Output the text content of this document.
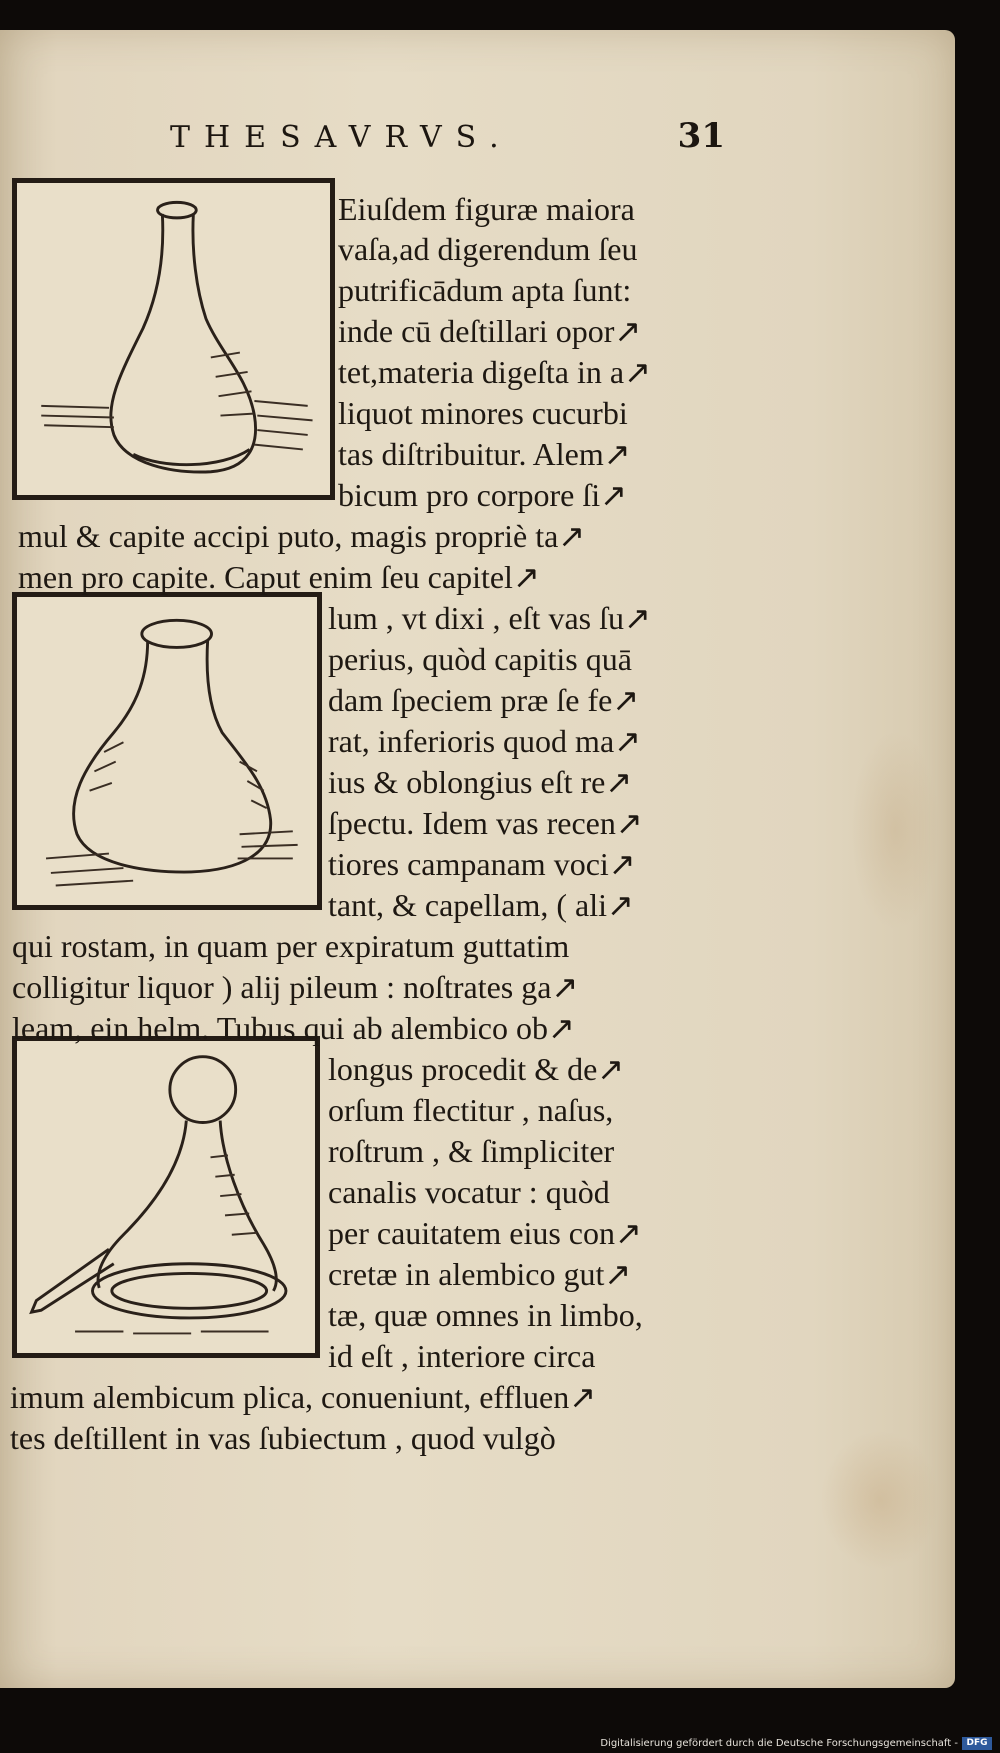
THESAVRVS.	31
Eiuſdem figuræ maiora
vaſa,ad digerendum ſeu
putrificādum apta ſunt:
inde cū deſtillari opor↗
tet,materia digeſta in a↗
liquot minores cucurbi
tas diſtribuitur. Alem↗
bicum pro corpore ſi↗
mul & capite accipi puto, magis propriè ta↗
men pro capite. Caput enim ſeu capitel↗
lum , vt dixi , eſt vas ſu↗
perius, quòd capitis quā
dam ſpeciem præ ſe fe↗
rat, inferioris quod ma↗
ius & oblongius eſt re↗
ſpectu. Idem vas recen↗
tiores campanam voci↗
tant, & capellam, ( ali↗
qui rostam, in quam per expiratum guttatim
colligitur liquor ) alij pileum : noſtrates ga↗
leam, ein helm. Tubus qui ab alembico ob↗
longus procedit & de↗
orſum flectitur , naſus,
roſtrum , & ſimpliciter
canalis vocatur : quòd
per cauitatem eius con↗
cretæ in alembico gut↗
tæ, quæ omnes in limbo,
id eſt , interiore circa
imum alembicum plica, conueniunt, effluen↗
tes deſtillent in vas ſubiectum , quod vulgò
Digitalisierung gefördert durch die Deutsche Forschungsgemeinschaft - DFG
